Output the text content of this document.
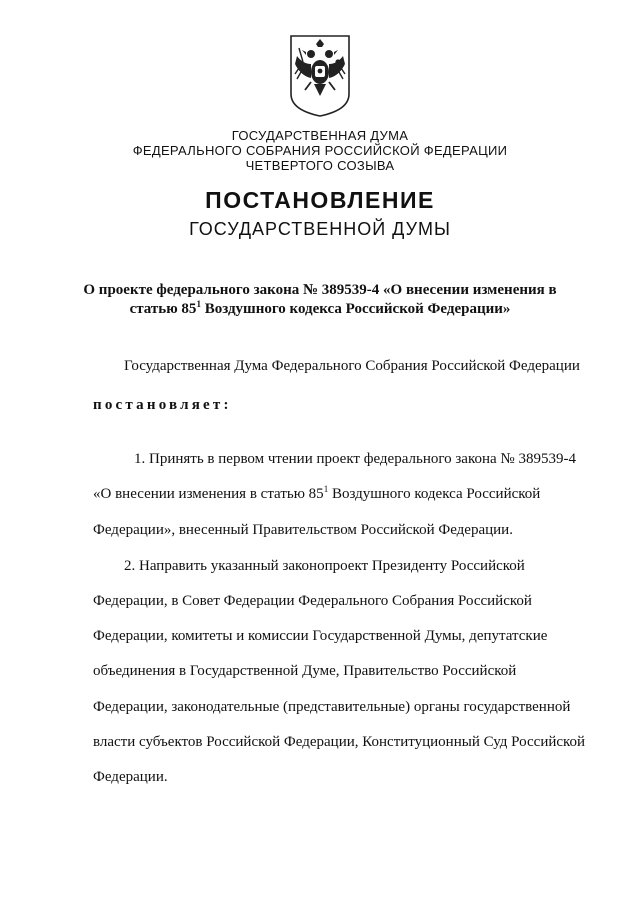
ГОСУДАРСТВЕННАЯ ДУМА
ФЕДЕРАЛЬНОГО СОБРАНИЯ РОССИЙСКОЙ ФЕДЕРАЦИИ
ЧЕТВЕРТОГО СОЗЫВА
ПОСТАНОВЛЕНИЕ
ГОСУДАРСТВЕННОЙ ДУМЫ
О проекте федерального закона № 389539-4 «О внесении изменения в
статью $85^1$ Воздушного кодекса Российской Федерации»
Государственная Дума Федерального Собрания Российской Федерации
постановляет:
1. Принять в первом чтении проект федерального закона № 389539-4
«О внесении изменения в статью $85^1$ Воздушного кодекса Российской
Федерации», внесенный Правительством Российской Федерации.
2. Направить указанный законопроект Президенту Российской
Федерации, в Совет Федерации Федерального Собрания Российской
Федерации, комитеты и комиссии Государственной Думы, депутатские
объединения в Государственной Думе, Правительство Российской
Федерации, законодательные (представительные) органы государственной
власти субъектов Российской Федерации, Конституционный Суд Российской
Федерации.
